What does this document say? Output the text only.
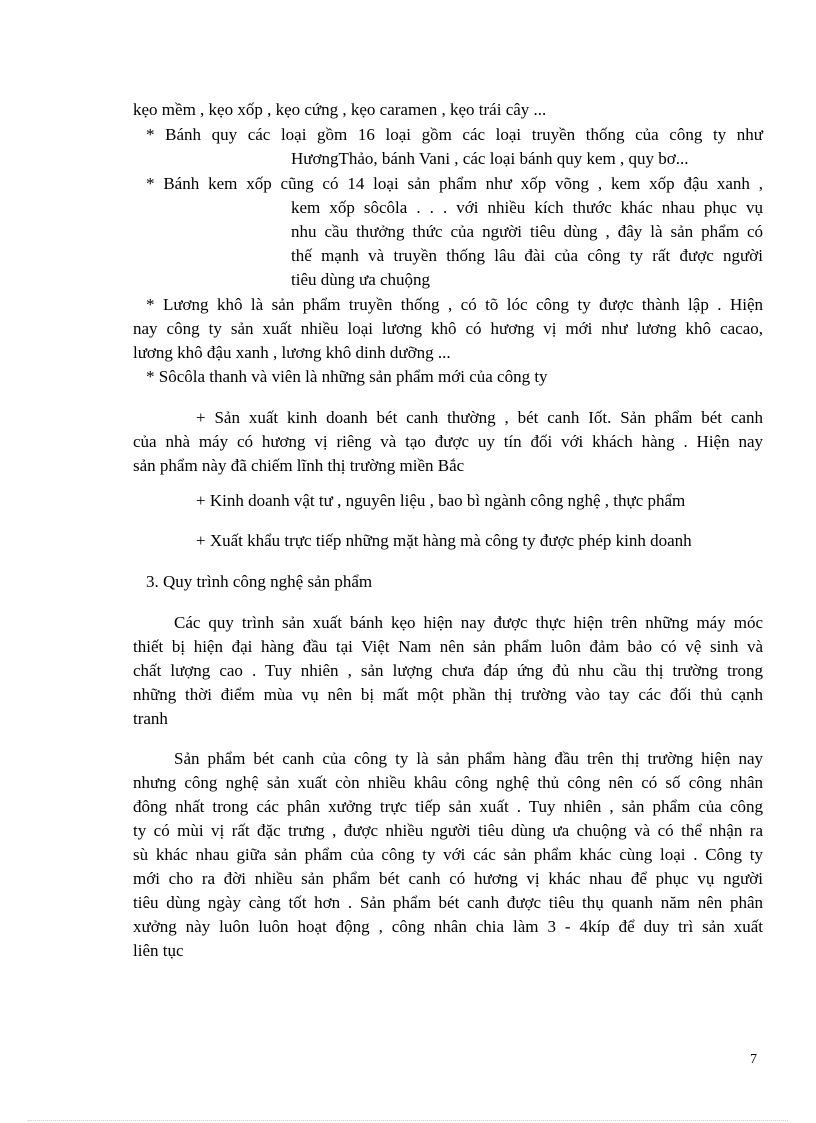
kẹo mềm , kẹo xốp , kẹo cứng , kẹo caramen , kẹo trái cây ...
* Bánh quy các loại gồm 16 loại gồm các loại truyền thống của công ty như
HươngThảo, bánh Vani , các loại bánh quy kem , quy bơ...
* Bánh kem xốp cũng có 14 loại sản phẩm như xốp võng , kem xốp đậu xanh ,
kem xốp sôcôla . . . với nhiều kích thước khác nhau phục vụ
nhu cầu thưởng thức của người tiêu dùng , đây là sản phẩm có
thế mạnh và truyền thống lâu đài của công ty rất được người
tiêu dùng ưa chuộng
* Lương khô là sản phẩm truyền thống , có tõ lóc công ty được thành lập . Hiện
nay công ty sản xuất nhiều loại lương khô có hương vị mới như lương khô cacao,
lương khô đậu xanh , lương khô dinh dưỡng ...
* Sôcôla thanh và viên là những sản phẩm mới của công ty
+ Sản xuất kinh doanh bét canh thường , bét canh Iốt. Sản phẩm bét canh
của nhà máy có hương vị riêng và tạo được uy tín đối với khách hàng . Hiện nay
sản phẩm này đã chiếm lĩnh thị trường miền Bắc
+ Kinh doanh vật tư , nguyên liệu , bao bì ngành công nghệ , thực phẩm
+ Xuất khẩu trực tiếp những mặt hàng mà công ty được phép kinh doanh
3. Quy trình công nghệ sản phẩm
Các quy trình sản xuất bánh kẹo hiện nay được thực hiện trên những máy móc
thiết bị hiện đại hàng đầu tại Việt Nam nên sản phẩm luôn đảm bảo có vệ sinh và
chất lượng cao . Tuy nhiên , sản lượng chưa đáp ứng đủ nhu cầu thị trường trong
những thời điểm mùa vụ nên bị mất một phần thị trường vào tay các đối thủ cạnh
tranh
Sản phẩm bét canh của công ty là sản phẩm hàng đầu trên thị trường hiện nay
nhưng công nghệ sản xuất còn nhiều khâu công nghệ thủ công nên có số công nhân
đông nhất trong các phân xưởng trực tiếp sản xuất . Tuy nhiên , sản phẩm của công
ty có mùi vị rất đặc trưng , được nhiều người tiêu dùng ưa chuộng và có thể nhận ra
sù khác nhau giữa sản phẩm của công ty với các sản phẩm khác cùng loại . Công ty
mới cho ra đời nhiều sản phẩm bét canh có hương vị khác nhau để phục vụ người
tiêu dùng ngày càng tốt hơn . Sản phẩm bét canh được tiêu thụ quanh năm nên phân
xưởng này luôn luôn hoạt động , công nhân chia làm 3 - 4kíp để duy trì sản xuất
liên tục
7
